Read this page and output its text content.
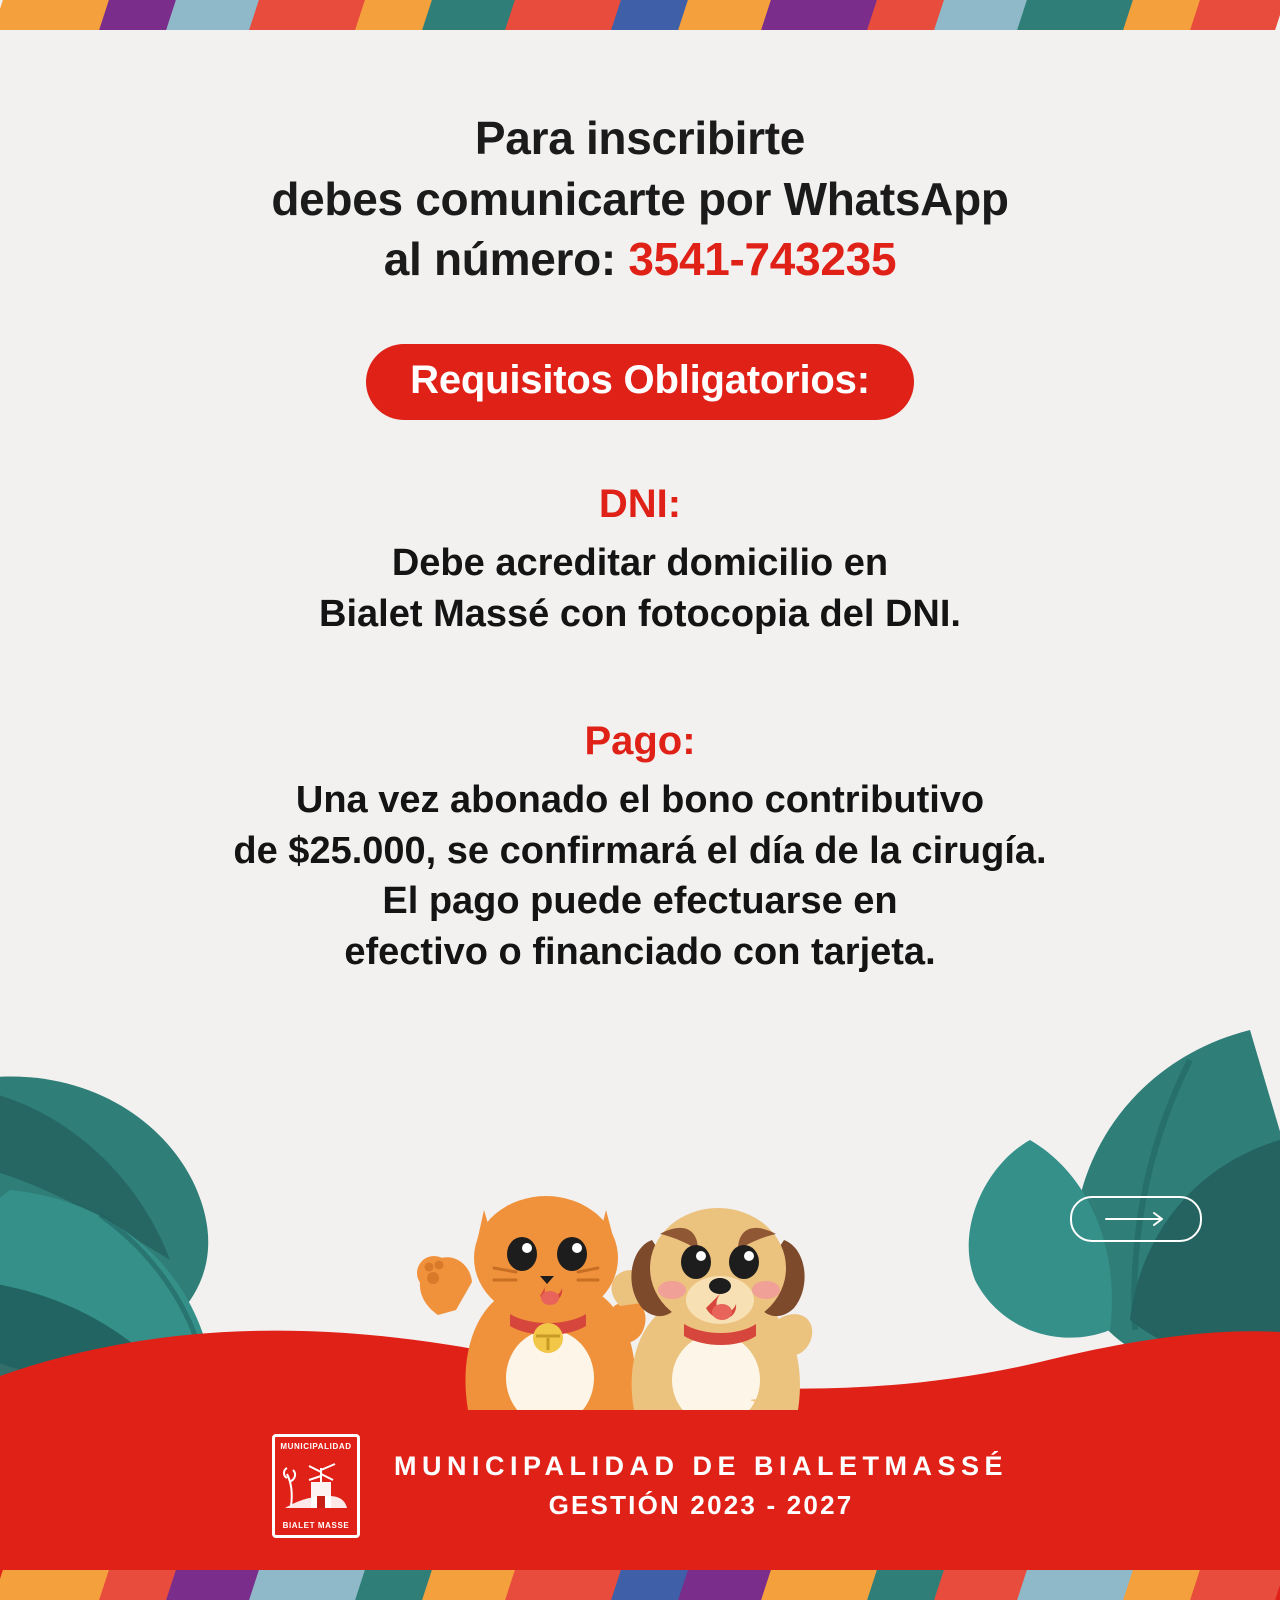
Para inscribirte
debes comunicarte por WhatsApp
al número: 3541-743235
Requisitos Obligatorios:

DNI:

Debe acreditar domicilio en
Bialet Massé con fotocopia del DNI.

Pago:

Una vez abonado el bono contributivo
de $25.000, se confirmará el día de la cirugía.
El pago puede efectuarse en
efectivo o financiado con tarjeta.
MUNICIPALIDAD
BIALET MASSE
MUNICIPALIDAD DE BIALETMASSÉ
GESTIÓN 2023 - 2027
